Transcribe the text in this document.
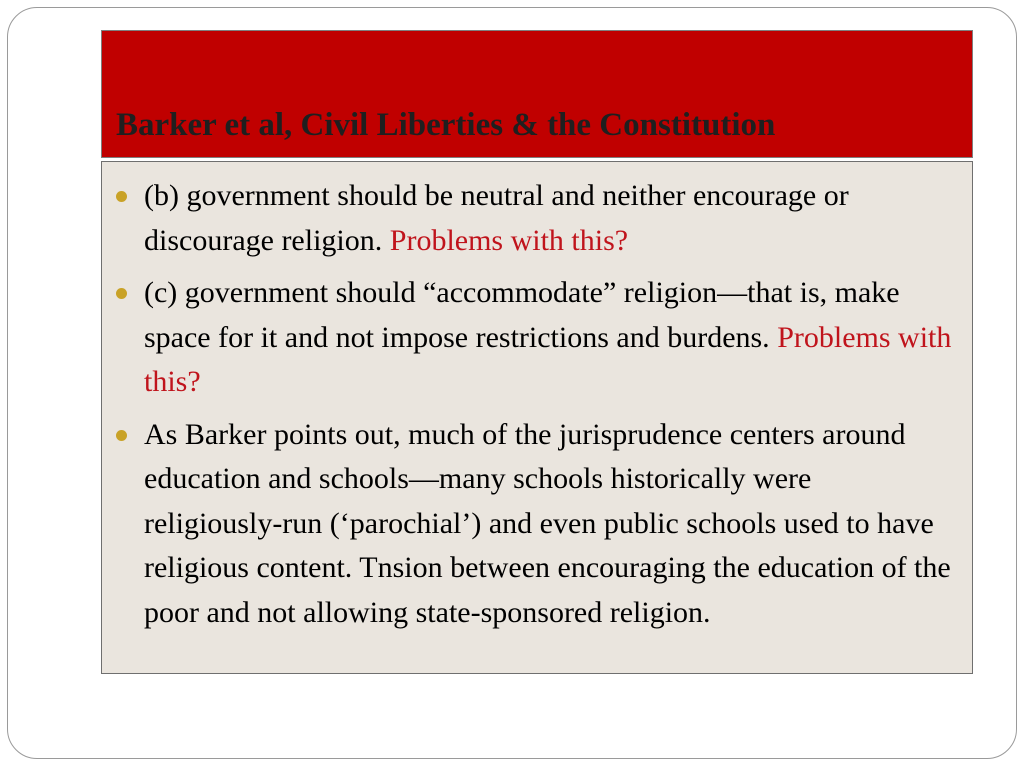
Barker et al, Civil Liberties & the Constitution
(b) government should be neutral and neither encourage or discourage religion. Problems with this?
(c) government should “accommodate” religion—that is, make space for it and not impose restrictions and burdens. Problems with this?
As Barker points out, much of the jurisprudence centers around education and schools—many schools historically were religiously-run (‘parochial’) and even public schools used to have religious content. Tnsion between encouraging the education of the poor and not allowing state-sponsored religion.
